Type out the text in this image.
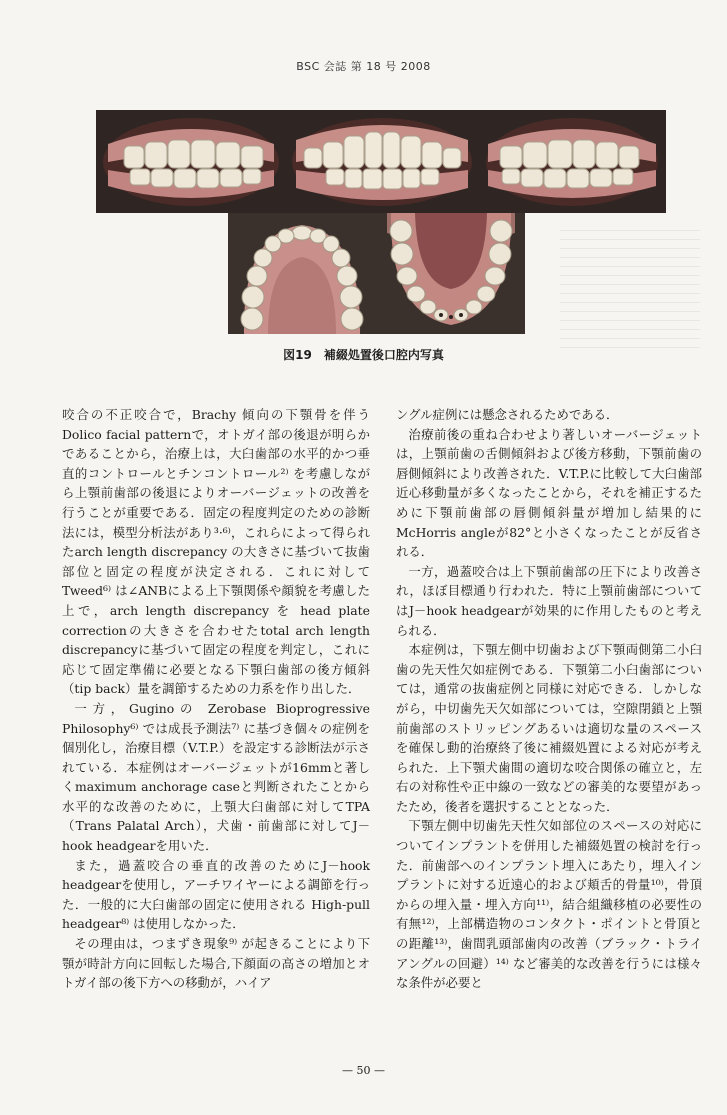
BSC 会誌 第 18 号 2008
図19　補綴処置後口腔内写真

咬合の不正咬合で，Brachy 傾向の下顎骨を伴う Dolico facial patternで，オトガイ部の後退が明らかであることから，治療上は，大臼歯部の水平的かつ垂直的コントロールとチンコントロール²⁾ を考慮しながら上顎前歯部の後退によりオーバージェットの改善を行うことが重要である．固定の程度判定のための診断法には，模型分析法があり³·⁶⁾，これらによって得られたarch length discrepancy の大きさに基づいて抜歯部位と固定の程度が決定される．これに対して Tweed⁶⁾ は∠ANBによる上下顎関係や顔貌を考慮した上で，arch length discrepancy を head plate correctionの大きさを合わせたtotal arch length discrepancyに基づいて固定の程度を判定し，これに応じて固定準備に必要となる下顎臼歯部の後方傾斜（tip back）量を調節するための力系を作り出した．

一方，Guginoの Zerobase Bioprogressive Philosophy⁶⁾ では成長予測法⁷⁾ に基づき個々の症例を個別化し，治療目標（V.T.P.）を設定する診断法が示されている．本症例はオーバージェットが16mmと著しくmaximum anchorage caseと判断されたことから水平的な改善のために，上顎大臼歯部に対してTPA（Trans Palatal Arch），犬歯・前歯部に対してJ－hook headgearを用いた．

また，過蓋咬合の垂直的改善のためにJ－hook headgearを使用し，アーチワイヤーによる調節を行った．一般的に大臼歯部の固定に使用される High-pull headgear⁸⁾ は使用しなかった．

その理由は，つまずき現象⁹⁾ が起きることにより下顎が時計方向に回転した場合,下顔面の高さの増加とオトガイ部の後下方への移動が，ハイア

ングル症例には懸念されるためである．

治療前後の重ね合わせより著しいオーバージェットは，上顎前歯の舌側傾斜および後方移動，下顎前歯の唇側傾斜により改善された．V.T.P.に比較して大臼歯部近心移動量が多くなったことから，それを補正するために下顎前歯部の唇側傾斜量が増加し結果的にMcHorris angleが82°と小さくなったことが反省される．

一方，過蓋咬合は上下顎前歯部の圧下により改善され，ほぼ目標通り行われた．特に上顎前歯部についてはJ－hook headgearが効果的に作用したものと考えられる．

本症例は，下顎左側中切歯および下顎両側第二小臼歯の先天性欠如症例である．下顎第二小臼歯部については，通常の抜歯症例と同様に対応できる．しかしながら，中切歯先天欠如部については，空隙閉鎖と上顎前歯部のストリッピングあるいは適切な量のスペースを確保し動的治療終了後に補綴処置による対応が考えられた．上下顎犬歯間の適切な咬合関係の確立と，左右の対称性や正中線の一致などの審美的な要望があったため，後者を選択することとなった．

下顎左側中切歯先天性欠如部位のスペースの対応についてインプラントを併用した補綴処置の検討を行った．前歯部へのインプラント埋入にあたり，埋入インプラントに対する近遠心的および頬舌的骨量¹⁰⁾，骨頂からの埋入量・埋入方向¹¹⁾，結合組織移植の必要性の有無¹²⁾，上部構造物のコンタクト・ポイントと骨頂との距離¹³⁾，歯間乳頭部歯肉の改善（ブラック・トライアングルの回避）¹⁴⁾ など審美的な改善を行うには様々な条件が必要と

— 50 —
